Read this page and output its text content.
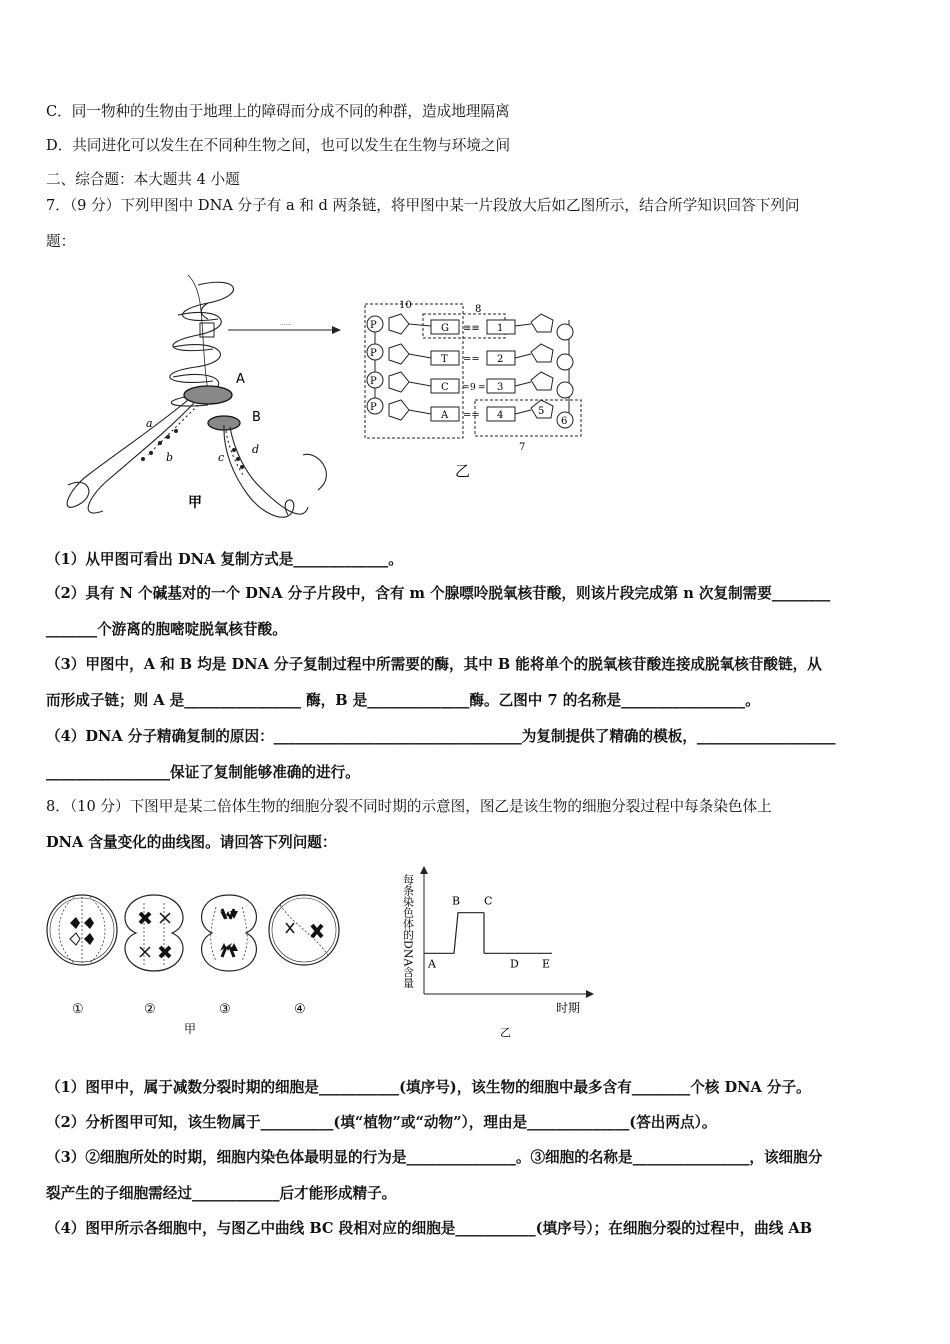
C．同一物种的生物由于地理上的障碍而分成不同的种群，造成地理隔离
D．共同进化可以发生在不同种生物之间，也可以发生在生物与环境之间
二、综合题：本大题共 4 小题
7．（9 分）下列甲图中 DNA 分子有 a 和 d 两条链，将甲图中某一片段放大后如乙图所示，结合所学知识回答下列问
题：
A
B
a
b	c
d
甲
······
10	8
7
P	G ≡≡ 1
P
T == 2
P
C = 9 = 3
P
A == 4	5
6
乙
（1）从甲图可看出 DNA 复制方式是_____________。
（2）具有 N 个碱基对的一个 DNA 分子片段中，含有 m 个腺嘌呤脱氧核苷酸，则该片段完成第 n 次复制需要________
_______个游离的胞嘧啶脱氧核苷酸。
（3）甲图中，A 和 B 均是 DNA 分子复制过程中所需要的酶，其中 B 能将单个的脱氧核苷酸连接成脱氧核苷酸链，从
而形成子链；则 A 是________________ 酶，B 是______________酶。乙图中 7 的名称是_________________。
（4）DNA 分子精确复制的原因：__________________________________为复制提供了精确的模板，___________________
_________________保证了复制能够准确的进行。
8．（10 分）下图甲是某二倍体生物的细胞分裂不同时期的示意图，图乙是该生物的细胞分裂过程中每条染色体上
DNA 含量变化的曲线图。请回答下列问题：
①	②	③	④
甲
时期
每条染色体的DNA含量 A
B C
D E
乙
（1）图甲中，属于减数分裂时期的细胞是___________(填序号)，该生物的细胞中最多含有________个核 DNA 分子。
（2）分析图甲可知，该生物属于__________(填“植物”或“动物”），理由是______________(答出两点）。
（3）②细胞所处的时期，细胞内染色体最明显的行为是_______________。③细胞的名称是________________，该细胞分
裂产生的子细胞需经过____________后才能形成精子。
（4）图甲所示各细胞中，与图乙中曲线 BC 段相对应的细胞是___________(填序号）；在细胞分裂的过程中，曲线 AB
